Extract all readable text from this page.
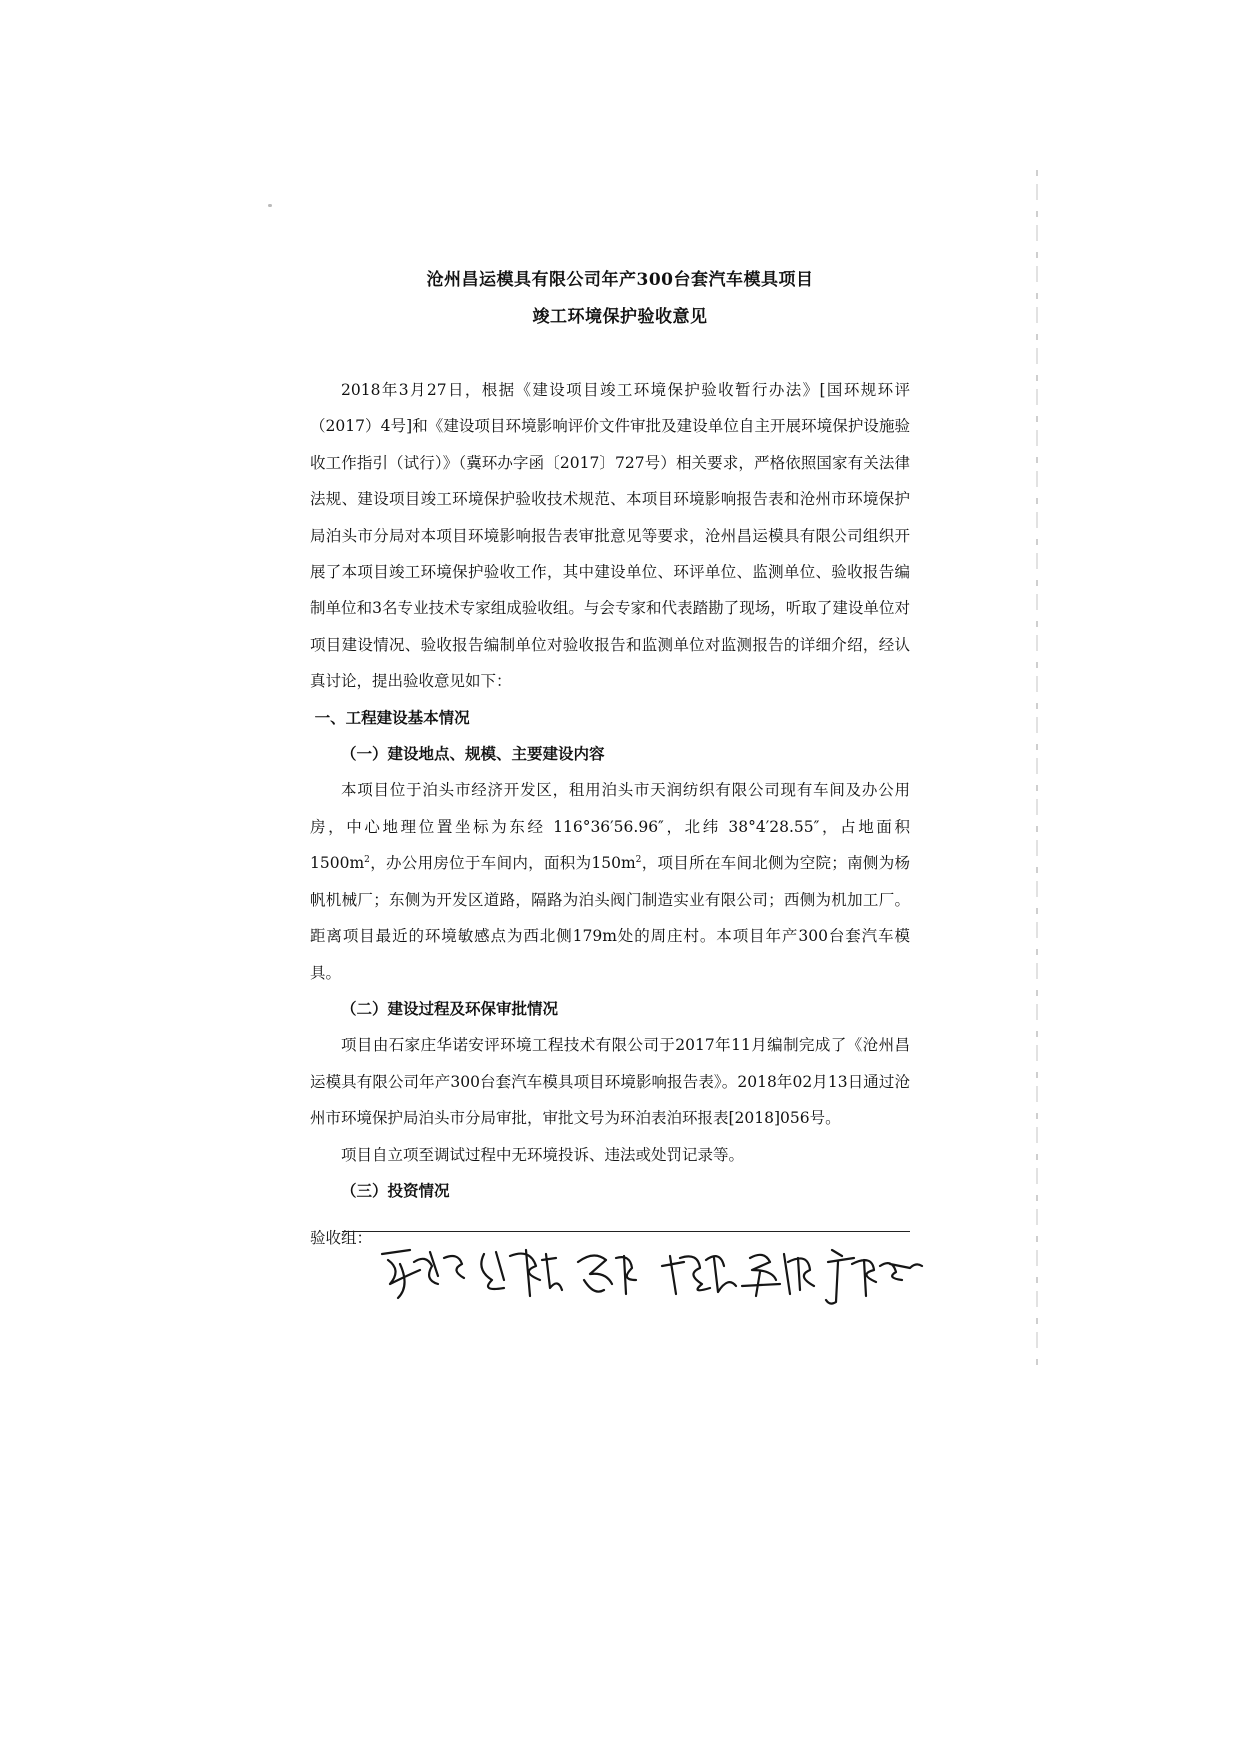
沧州昌运模具有限公司年产300台套汽车模具项目
竣工环境保护验收意见

2018年3月27日，根据《建设项目竣工环境保护验收暂行办法》[国环规环评（2017）4号]和《建设项目环境影响评价文件审批及建设单位自主开展环境保护设施验收工作指引（试行）》（冀环办字函〔2017〕727号）相关要求，严格依照国家有关法律法规、建设项目竣工环境保护验收技术规范、本项目环境影响报告表和沧州市环境保护局泊头市分局对本项目环境影响报告表审批意见等要求，沧州昌运模具有限公司组织开展了本项目竣工环境保护验收工作，其中建设单位、环评单位、监测单位、验收报告编制单位和3名专业技术专家组成验收组。与会专家和代表踏勘了现场，听取了建设单位对项目建设情况、验收报告编制单位对验收报告和监测单位对监测报告的详细介绍，经认真讨论，提出验收意见如下：

一、工程建设基本情况

（一）建设地点、规模、主要建设内容

本项目位于泊头市经济开发区，租用泊头市天润纺织有限公司现有车间及办公用房，中心地理位置坐标为东经 116°36′56.96″，北纬 38°4′28.55″，占地面积$1500m^2$，办公用房位于车间内，面积为$150m^2$，项目所在车间北侧为空院；南侧为杨帆机械厂；东侧为开发区道路，隔路为泊头阀门制造实业有限公司；西侧为机加工厂。距离项目最近的环境敏感点为西北侧179m处的周庄村。本项目年产300台套汽车模具。

（二）建设过程及环保审批情况

项目由石家庄华诺安评环境工程技术有限公司于2017年11月编制完成了《沧州昌运模具有限公司年产300台套汽车模具项目环境影响报告表》。2018年02月13日通过沧州市环境保护局泊头市分局审批，审批文号为环泊表泊环报表[2018]056号。

项目自立项至调试过程中无环境投诉、违法或处罚记录等。

（三）投资情况

验收组：
